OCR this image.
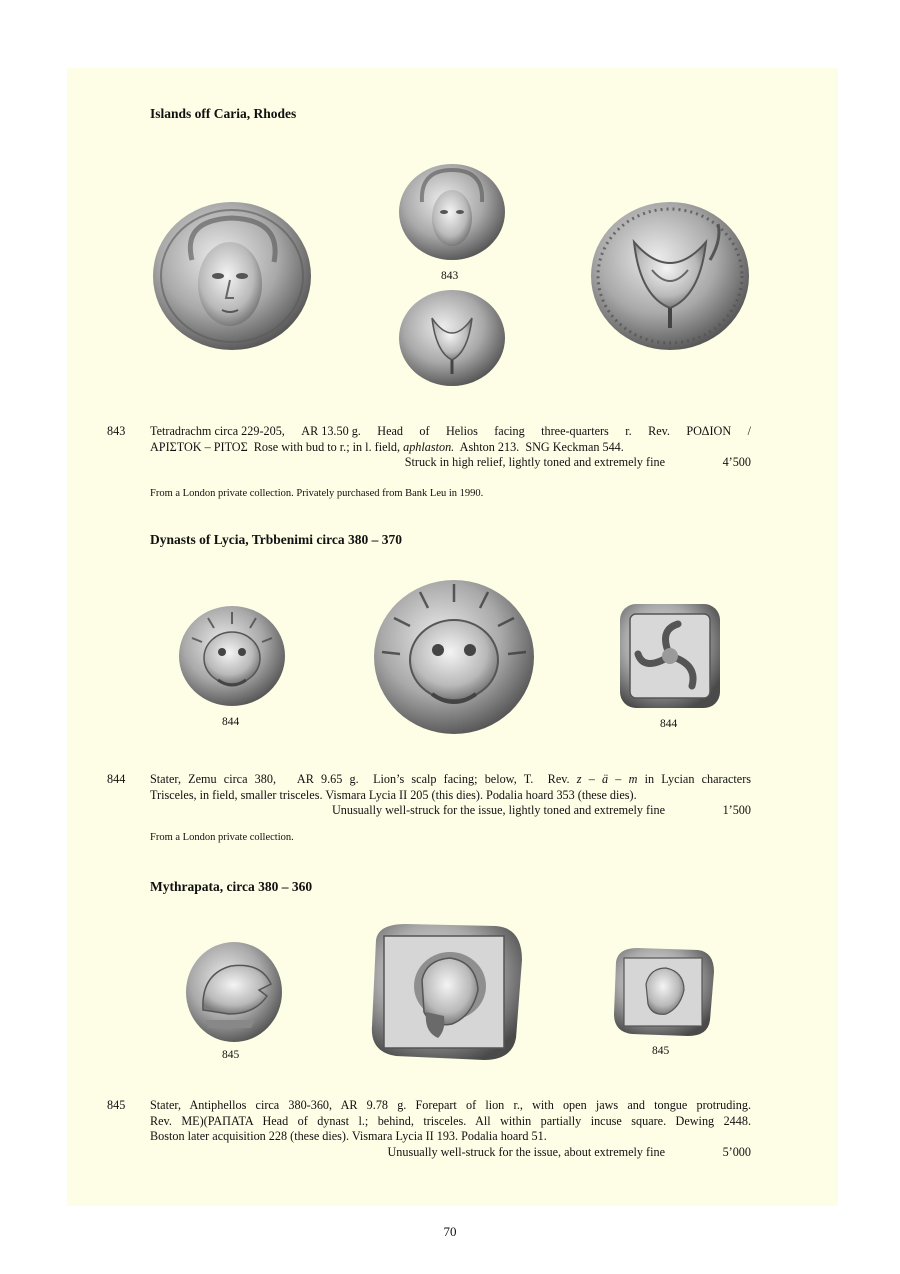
Islands off Caria, Rhodes
843
843 Tetradrachm circa 229-205, AR 13.50 g. Head of Helios facing three-quarters r. Rev. ΡΟΔΙΟΝ /
ΑΡΙΣΤΟΚ – ΡΙΤΟΣ  Rose with bud to r.; in l. field, aphlaston.  Ashton 213.  SNG Keckman 544.
Struck in high relief, lightly toned and extremely fine	4’500
From a London private collection. Privately purchased from Bank Leu in 1990.
Dynasts of Lycia, Trbbenimi circa 380 – 370
844	844
844 Stater, Zemu circa 380,   AR 9.65 g.  Lion’s scalp facing; below, T.  Rev. z – ä – m in Lycian characters
Trisceles, in field, smaller trisceles. Vismara Lycia II 205 (this dies). Podalia hoard 353 (these dies).
Unusually well-struck for the issue, lightly toned and extremely fine	1’500
From a London private collection.
Mythrapata, circa 380 – 360
845	845
845 Stater, Antiphellos circa 380-360, AR 9.78 g. Forepart of lion r., with open jaws and tongue protruding.
Rev. ΜΕ)(ΡΑΠΑΤΑ Head of dynast l.; behind, trisceles. All within partially incuse square. Dewing 2448.
Boston later acquisition 228 (these dies). Vismara Lycia II 193. Podalia hoard 51.
Unusually well-struck for the issue, about extremely fine	5’000
70
